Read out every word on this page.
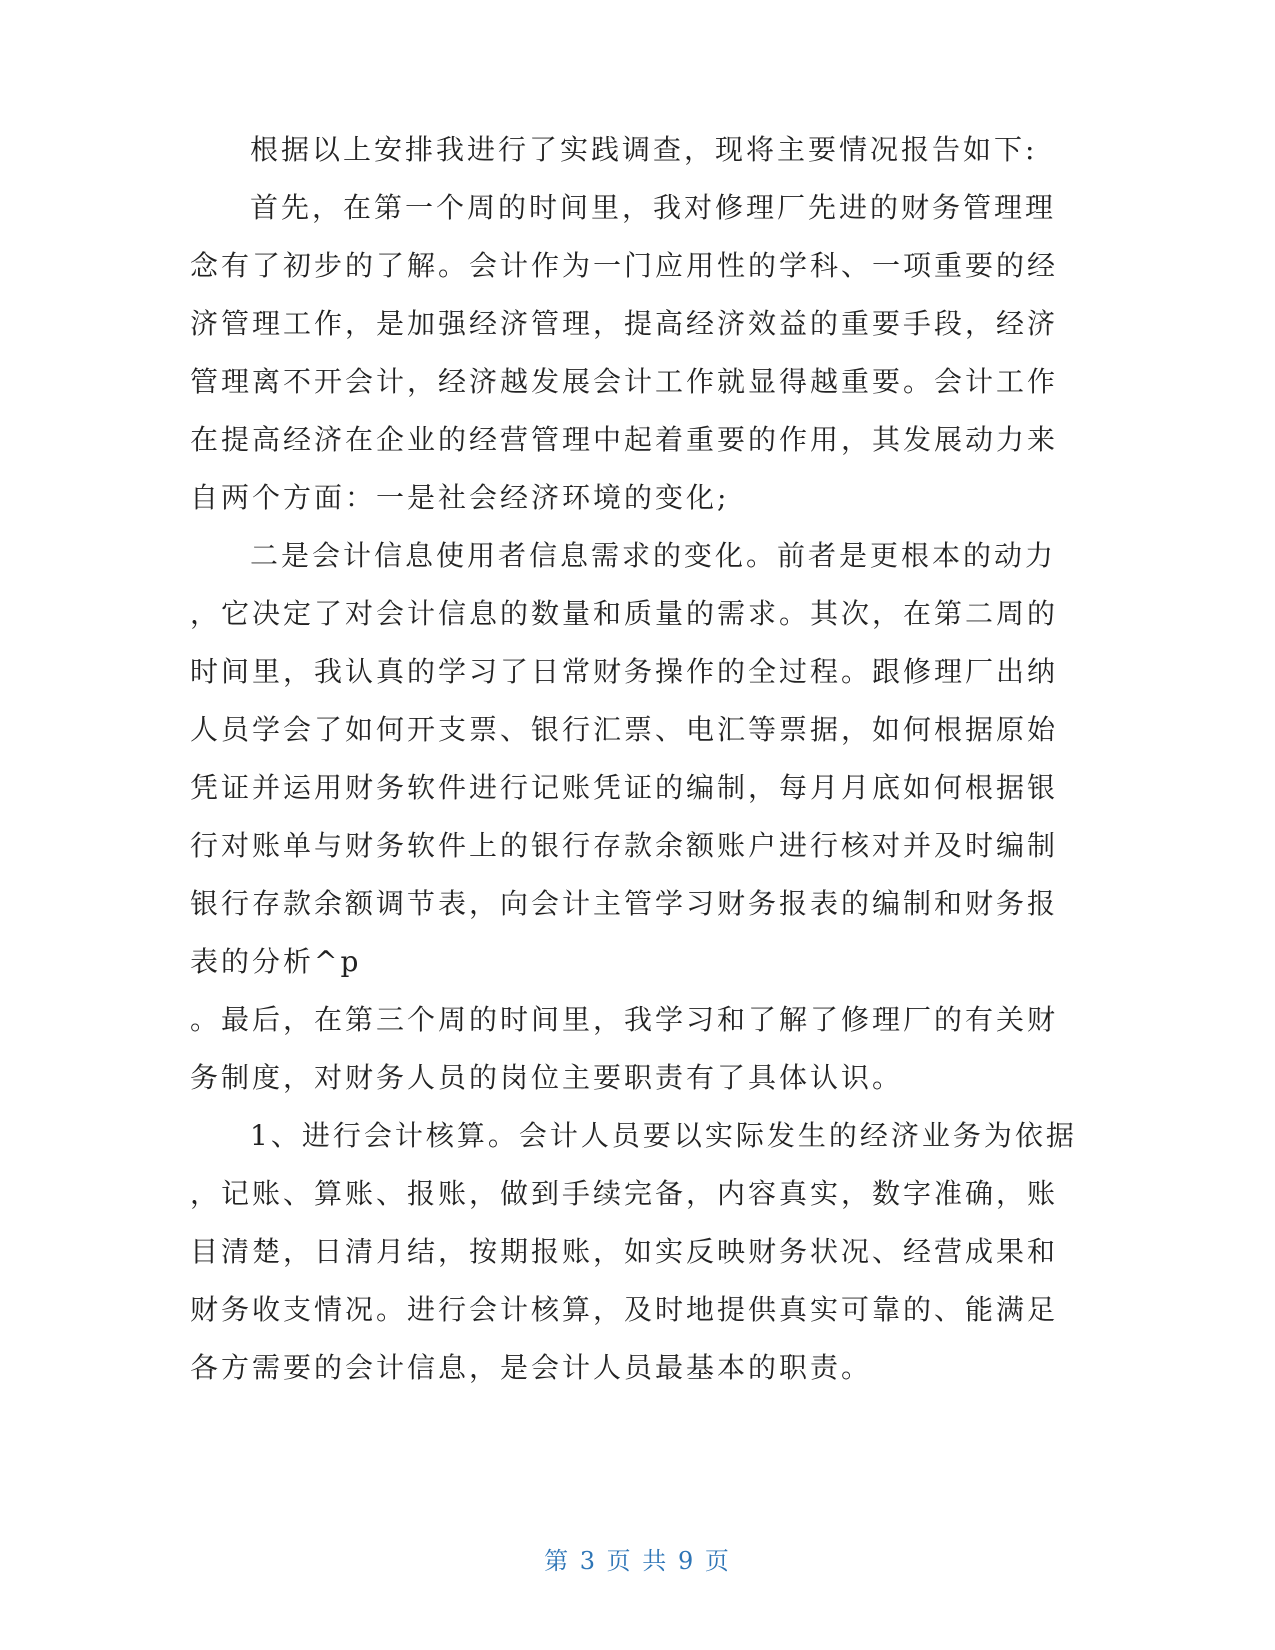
根据以上安排我进行了实践调查，现将主要情况报告如下:
首先，在第一个周的时间里，我对修理厂先进的财务管理理
念有了初步的了解。会计作为一门应用性的学科、一项重要的经
济管理工作，是加强经济管理，提高经济效益的重要手段，经济
管理离不开会计，经济越发展会计工作就显得越重要。会计工作
在提高经济在企业的经营管理中起着重要的作用，其发展动力来
自两个方面：一是社会经济环境的变化;
二是会计信息使用者信息需求的变化。前者是更根本的动力
，它决定了对会计信息的数量和质量的需求。其次，在第二周的
时间里，我认真的学习了日常财务操作的全过程。跟修理厂出纳
人员学会了如何开支票、银行汇票、电汇等票据，如何根据原始
凭证并运用财务软件进行记账凭证的编制，每月月底如何根据银
行对账单与财务软件上的银行存款余额账户进行核对并及时编制
银行存款余额调节表，向会计主管学习财务报表的编制和财务报
表的分析^p
。最后，在第三个周的时间里，我学习和了解了修理厂的有关财
务制度，对财务人员的岗位主要职责有了具体认识。
1、进行会计核算。会计人员要以实际发生的经济业务为依据
，记账、算账、报账，做到手续完备，内容真实，数字准确，账
目清楚，日清月结，按期报账，如实反映财务状况、经营成果和
财务收支情况。进行会计核算，及时地提供真实可靠的、能满足
各方需要的会计信息，是会计人员最基本的职责。
第 3 页 共 9 页
